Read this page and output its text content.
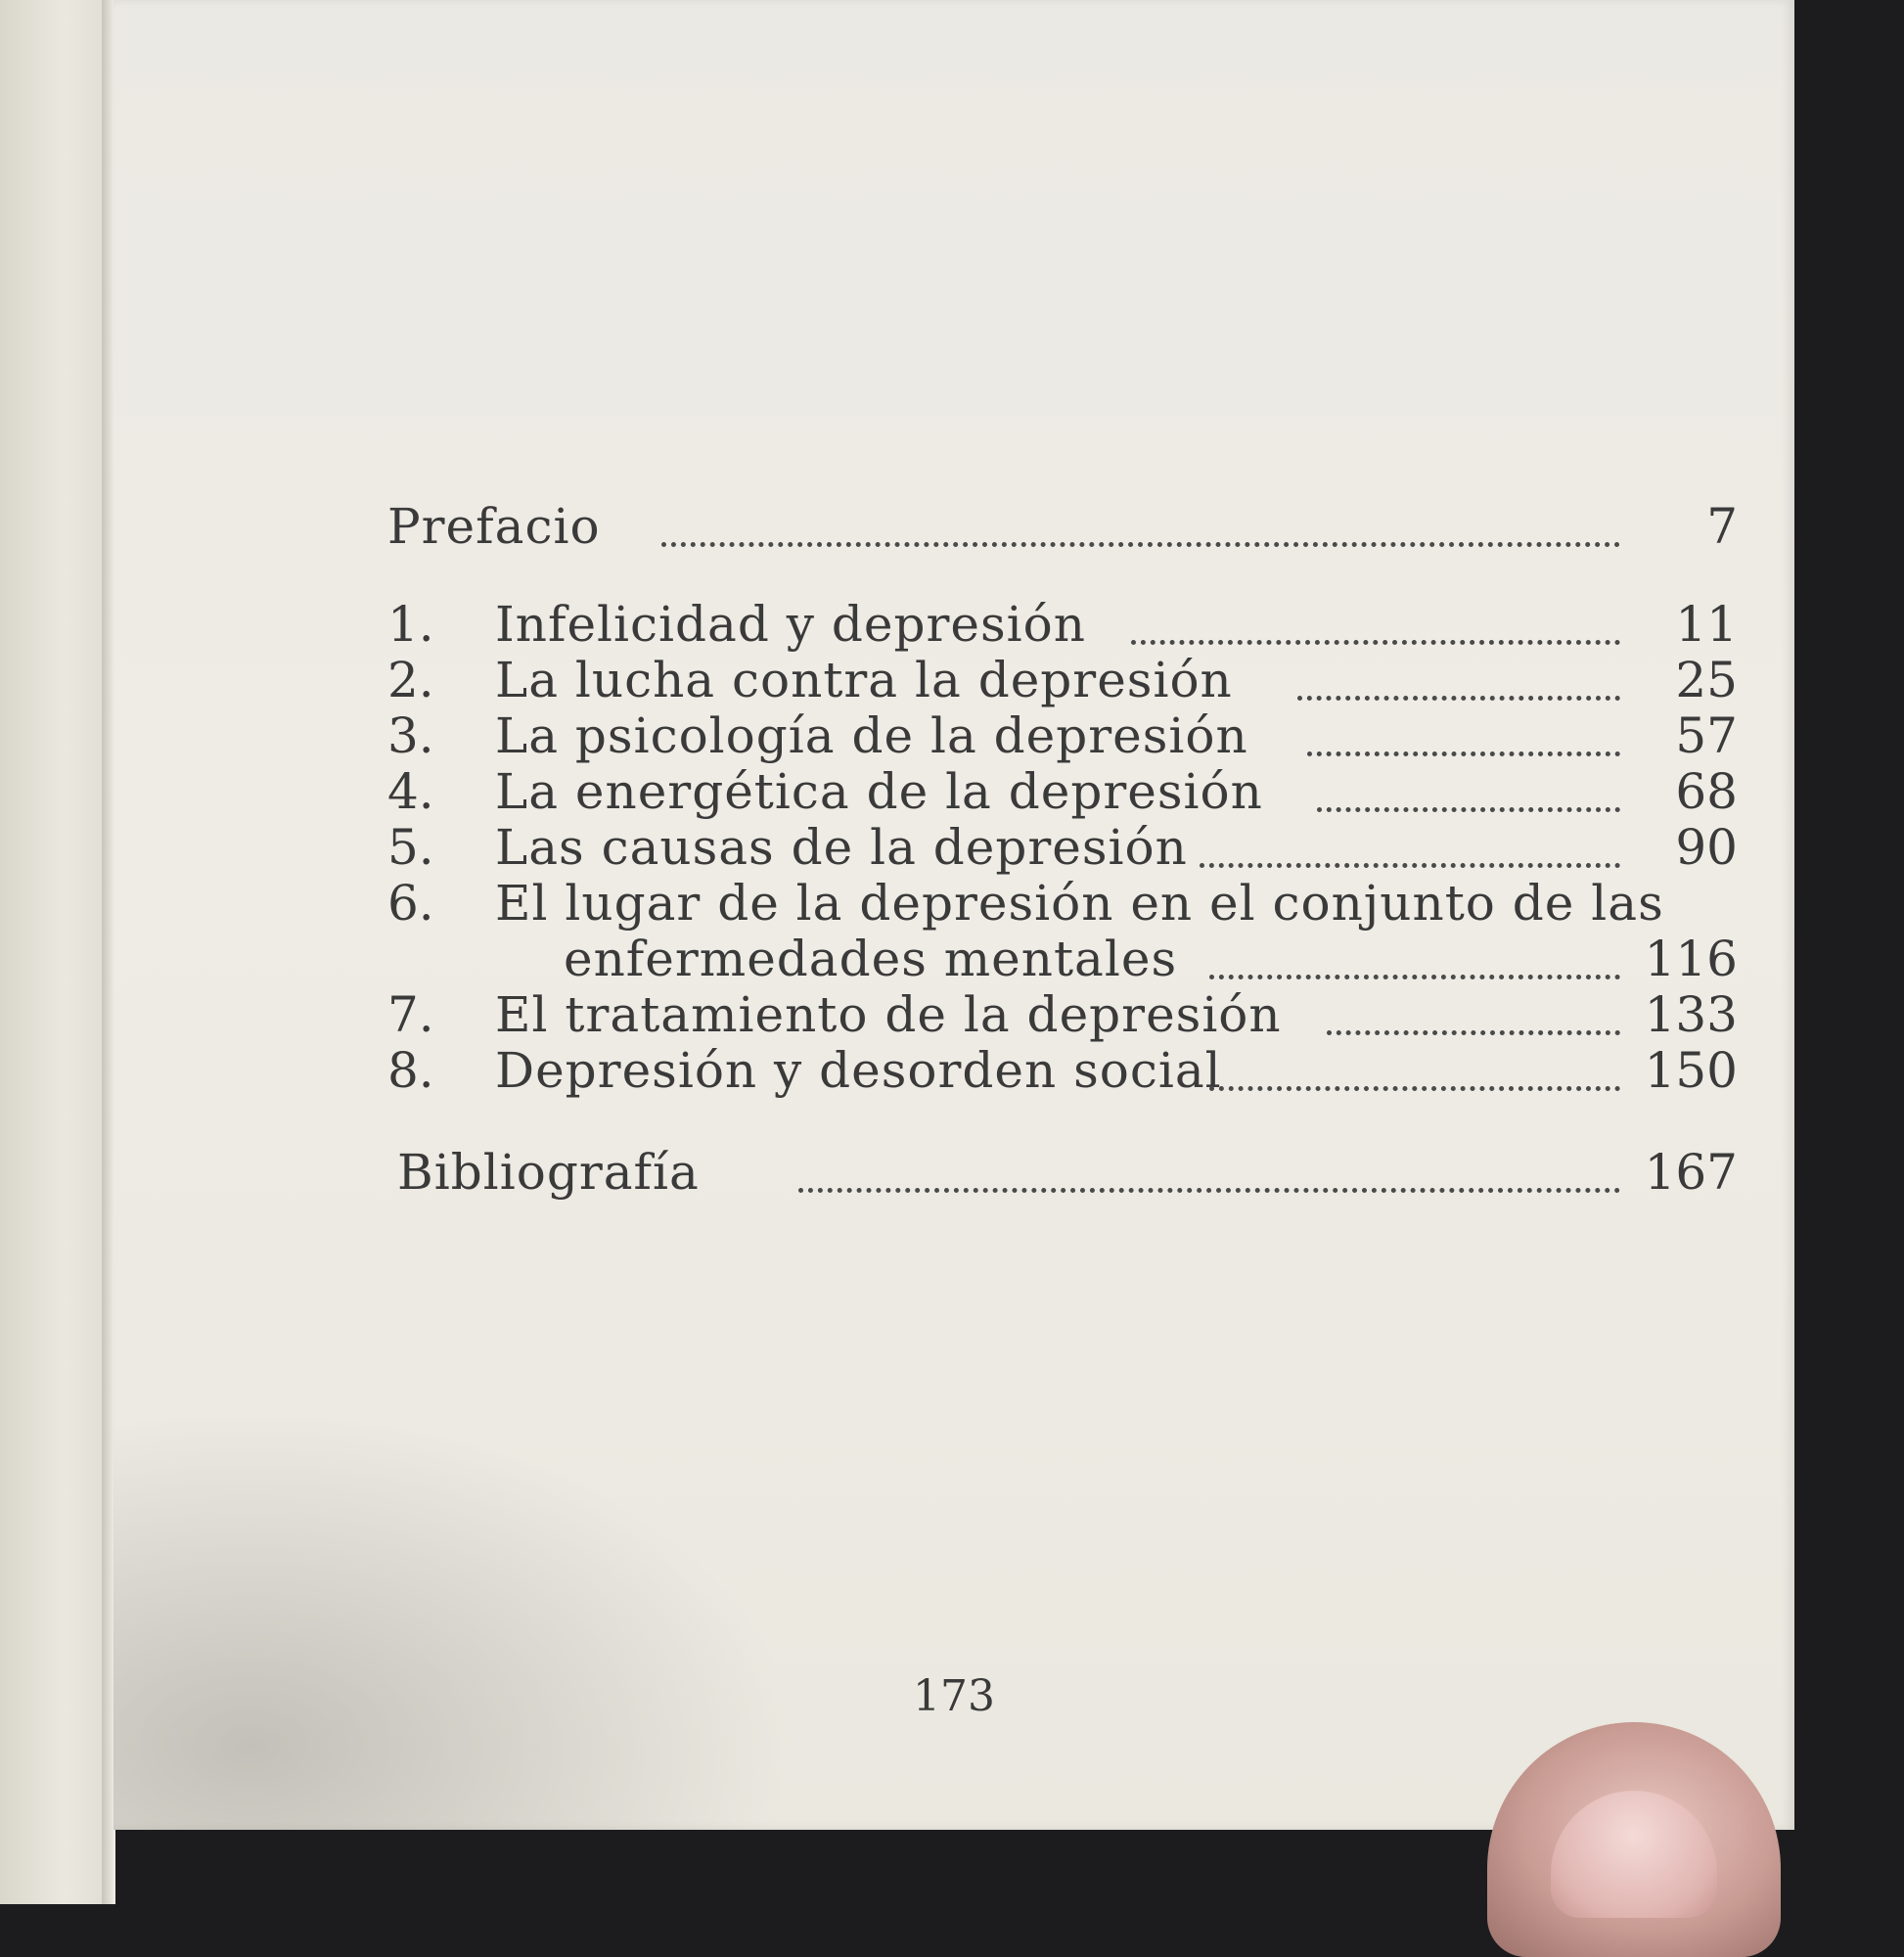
Prefacio	7
1.	Infelicidad y depresión	11
2.	La lucha contra la depresión	25
3.	La psicología de la depresión	57
4.	La energética de la depresión	68
5.	Las causas de la depresión	90
6.	El lugar de la depresión en el conjunto de las
enfermedades mentales	116
7.	El tratamiento de la depresión	133
8.	Depresión y desorden social	150
Bibliografía	167
173
